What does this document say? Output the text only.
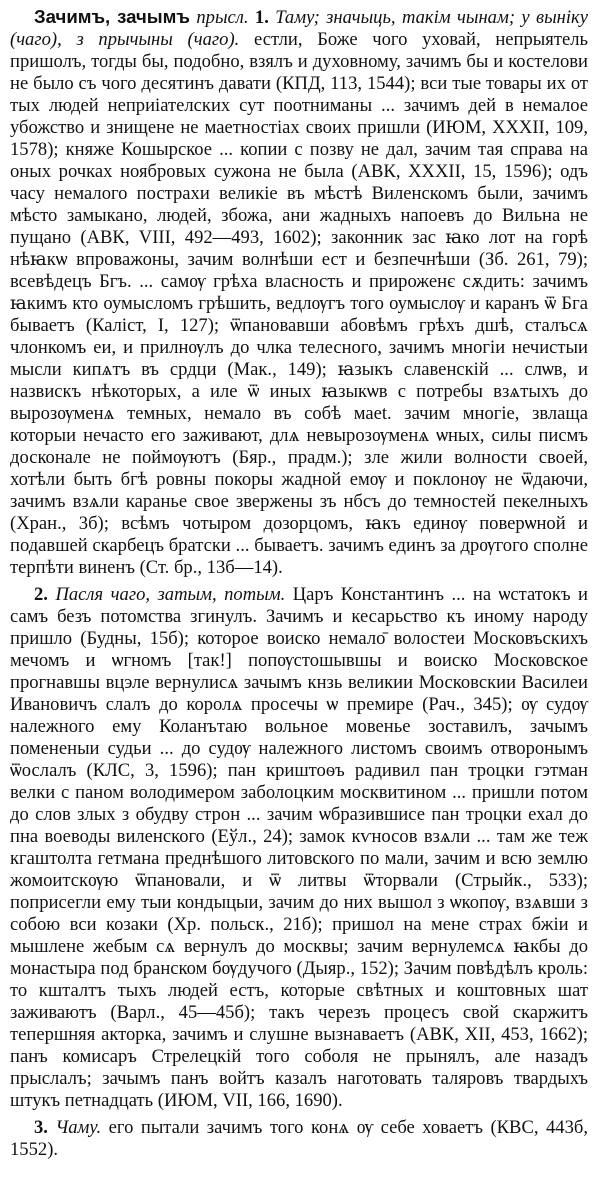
Зачимъ, зачымъ прысл. 1. Таму; значыць, такім чынам; у выніку (чаго), з прычыны (чаго). естли, Боже чого уховай, непрыятель пришолъ, тогды бы, подобно, взялъ и духовному, зачимъ бы и костелови не было съ чого десятинъ давати (КПД, 113, 1544); вси тые товары их от тых людей неприіателских сут поотниманы ... зачимъ дей в немалое убожство и знищене не маетностіах своих пришли (ИЮМ, XXXII, 109, 1578); княже Кошырское ... копии с позву не дал, зачим тая справа на оных рочках ноябровых сужона не была (АВК, XXXII, 15, 1596); одъ часу немалого пострахи великie въ мѣстѣ Виленскомъ были, зачимъ мѣсто замыкано, людей, збожа, ани жадныхъ напоевъ до Вильна не пущано (АВК, VIII, 492—493, 1602); законник зас ꙗко лот на горѣ нѣꙗкѡ впроважоны, зачим волнѣши ест и безпечнѣши (Зб. 261, 79); всевѣдецъ Бгъ. ... самѹ грѣха власность и прироженє сѫдить: зачимъ ꙗкимъ кто оумысломъ грѣшить, ведлѹгъ того оумыслѹ и каранъ ѿ Бга бываетъ (Каліст, I, 127); ѿпановавши абовѣмъ грѣхъ дшѣ, сталъсѧ члонкомъ еи, и прилнѹлъ до члка телесного, зачимъ многіи нечистыи мысли кипѧтъ въ срдци (Мак., 149); ꙗзыкъ славенскій ... слѡв, и назвискъ нѣкоторых, а иле ѿ иных ꙗзыкѡв с потребы взѧтыхъ до вырозѹменѧ темных, немало въ собѣ маеt. зачим многіе, звлаща которыи нечасто его заживают, длѧ невырозѹменѧ ѡных, силы писмъ досконале не поймѹютъ (Бяр., прадм.); зле жили волности своей, хотѣли быть бгѣ ровны покоры жадной емѹ и поклонѹ не ѿдаючи, зачимъ взѧли каранье свое звержены зъ нбсъ до темностей пекелныхъ (Хран., 3б); всѣмъ чотыром дозорцомъ, ꙗкъ единѹ поверѡной и подавшей скарбецъ братски ... бываетъ. зачимъ единъ за дрѹгого сполне терпѣти виненъ (Ст. бр., 13б—14).

2. Пасля чаго, затым, потым. Царъ Константинъ ... на ѡстатокъ и самъ безъ потомства згинулъ. Зачимъ и кесарьство къ иному народу пришло (Будны, 15б); которое воиско немало̄ волостеи Московъскихъ мечомъ и ѡгномъ [так!] попѹстошывшы и воиско Московское прогнавшы вцэле вернулисѧ зачымъ кнзь великии Московскии Василеи Ивановичъ слалъ до королѧ просечы ѡ премире (Рач., 345); ѹ судѹ належного ему Коланътаю вольное мовенье зоставилъ, зачымъ помененыи судьи ... до судѹ належного листомъ своимъ отворонымъ ѿослалъ (КЛС, 3, 1596); пан криштоѳъ радивил пан троцки гэтман велки с паном володимером заболоцким москвитином ... пришли потом до слов злых з обудву строн ... зачим ѡбразившисе пан троцки ехал до пна воеводы виленского (Еўл., 24); замок кѵносов взѧли ... там же теж кгаштолта гетмана преднѣшого литовского по мали, зачим и всю землю жомоитскѹю ѿпановали, и ѿ литвы ѿторвали (Стрыйк., 533); поприсегли ему тыи кондыцыи, зачим до них вышол з ѡкопѹ, взѧвши з собою вси козаки (Хр. польск., 21б); пришол на мене страх бжіи и мышлене жебым сѧ вернулъ до москвы; зачим вернулемсѧ ꙗкбы до монастыра под бранском бѹдучого (Дыяр., 152); Зачим повѣдѣлъ кроль: то кшталтъ тыхъ людей естъ, которые свѣтных и коштовных шат заживаютъ (Варл., 45—45б); такъ черезъ процесъ свой скаржитъ тепершняя акторка, зачимъ и слушне вызнаваетъ (АВК, XII, 453, 1662); панъ комисаръ Стрелецкій того соболя не прынялъ, але назадъ прыслалъ; зачымъ панъ войтъ казалъ наготовать таляровъ твардыхъ штукъ петнадцать (ИЮМ, VII, 166, 1690).

3. Чаму. его пытали зачимъ того конѧ ѹ себе ховаетъ (КВС, 443б, 1552).
